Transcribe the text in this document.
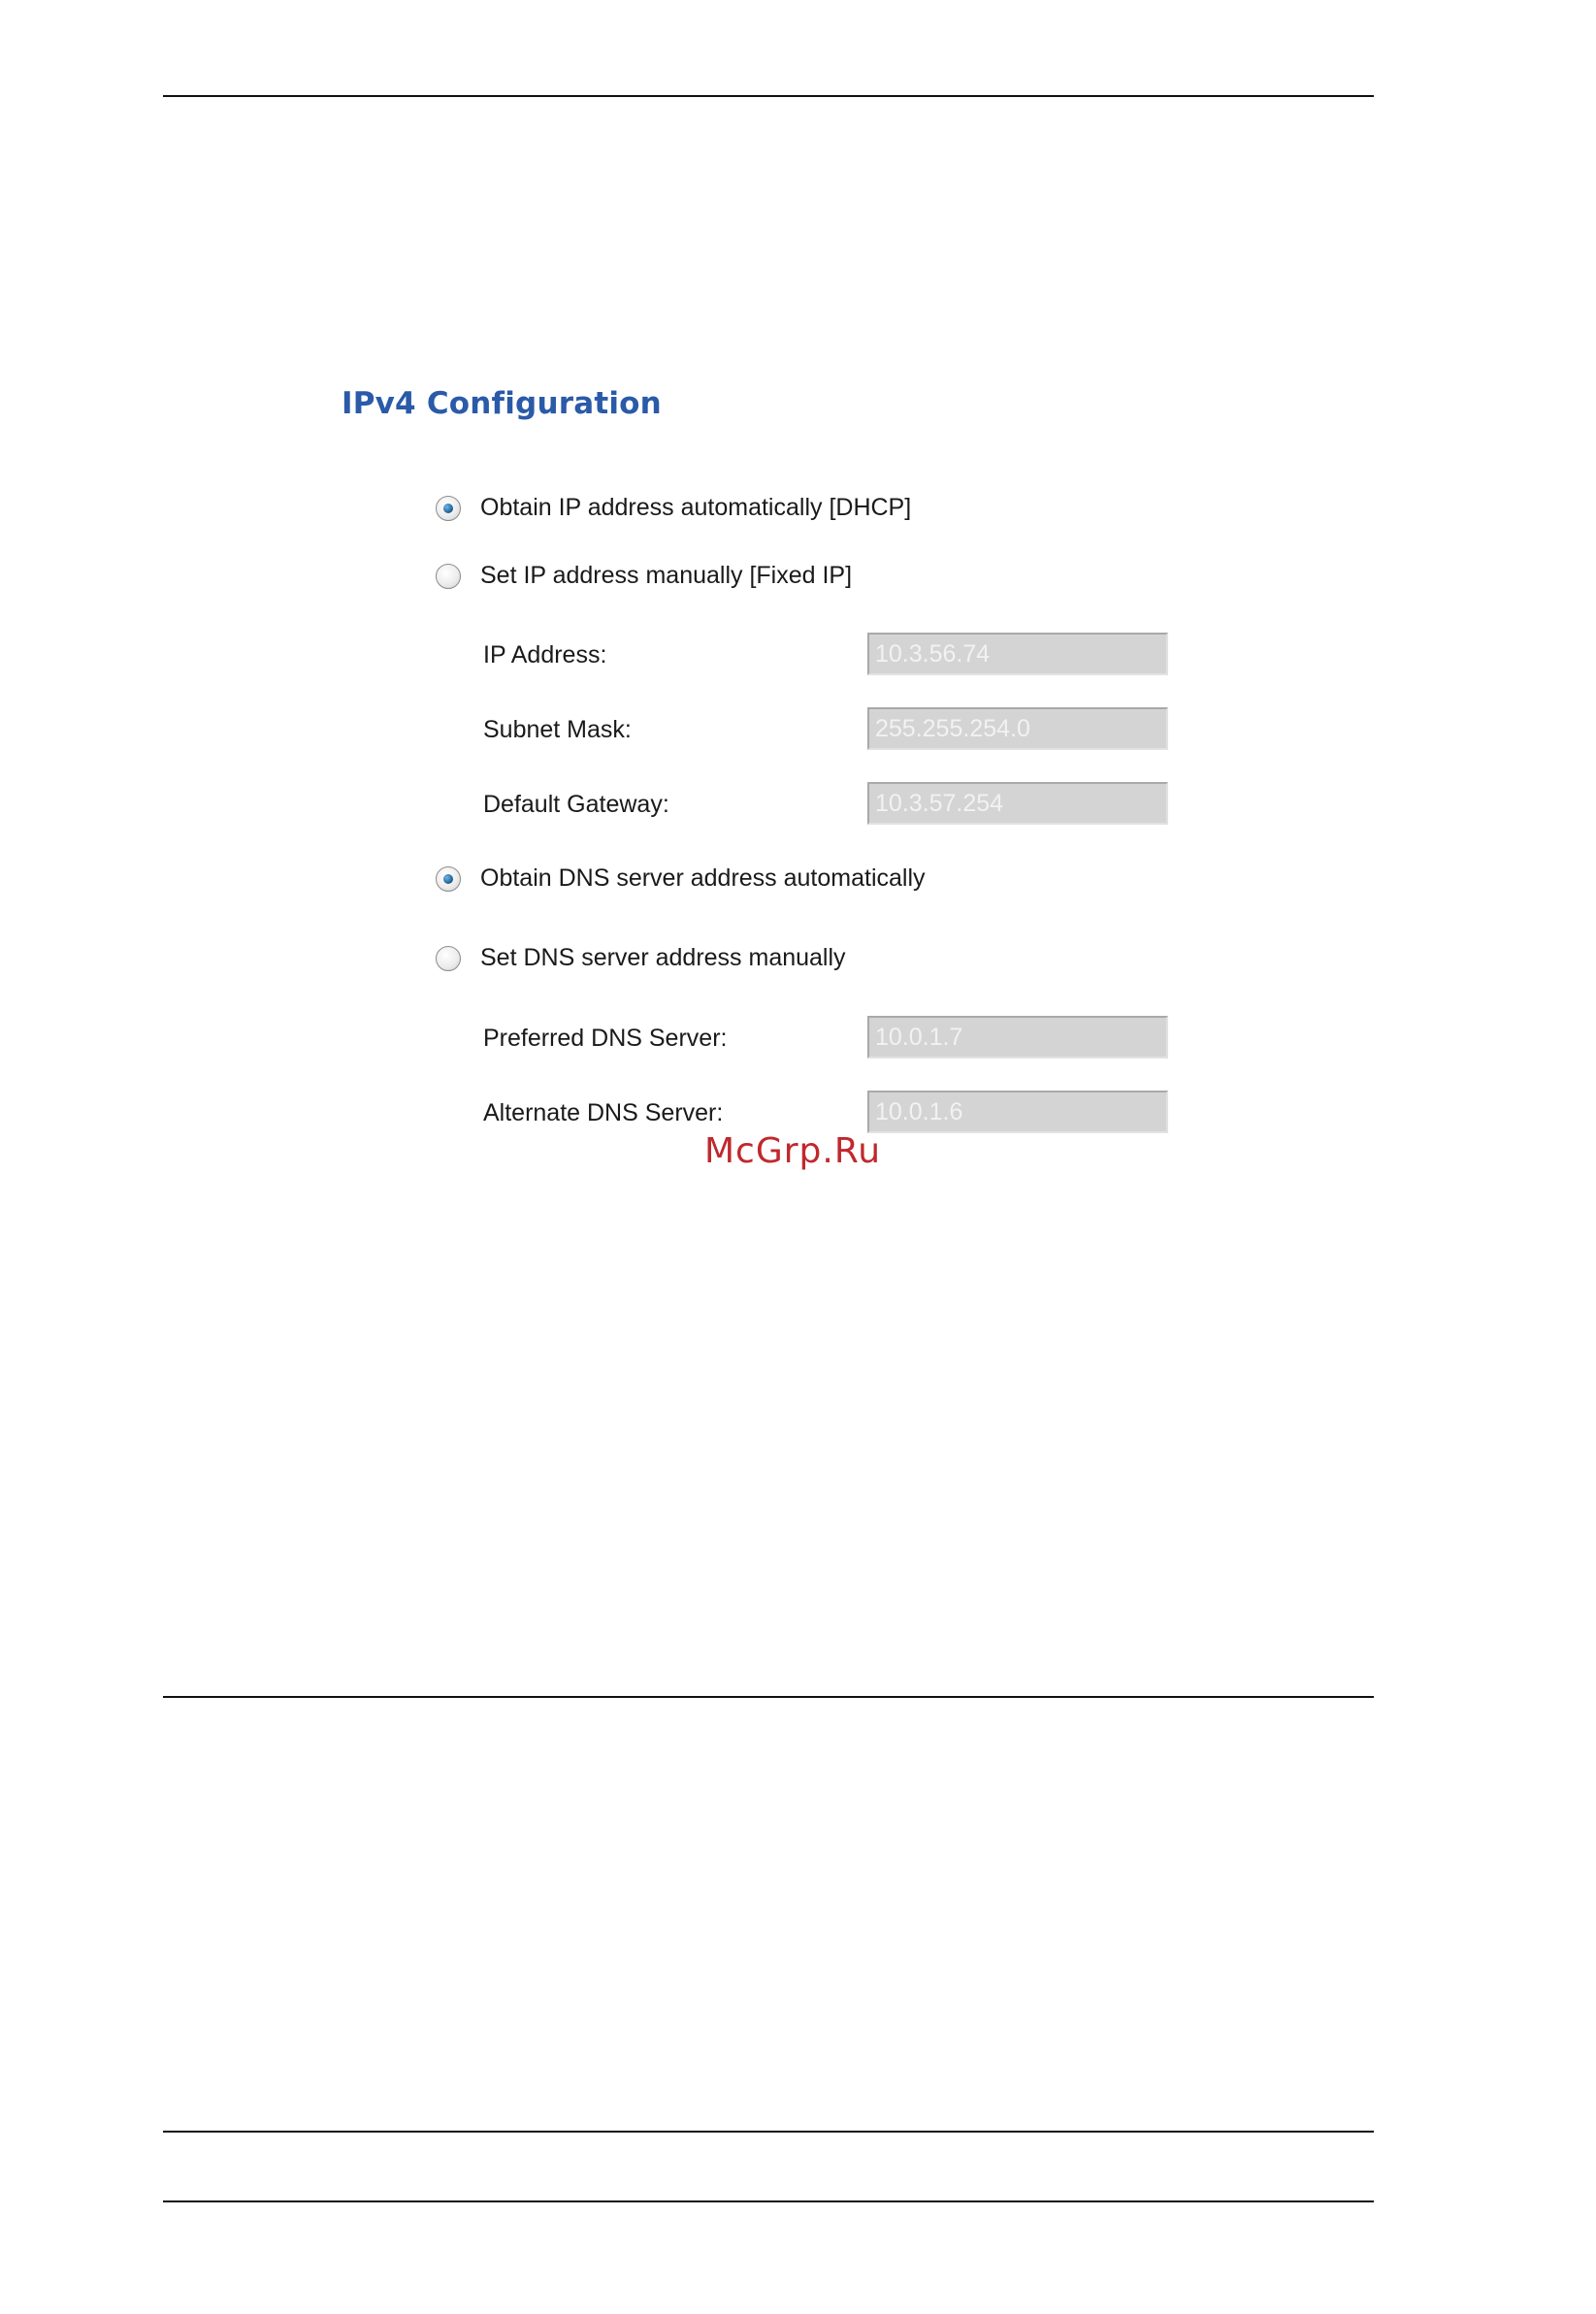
IPv4 Configuration
Obtain IP address automatically [DHCP]
Set IP address manually [Fixed IP]
IP Address:
10.3.56.74
Subnet Mask:
255.255.254.0
Default Gateway:
10.3.57.254
Obtain DNS server address automatically
Set DNS server address manually
Preferred DNS Server:
10.0.1.7
Alternate DNS Server:
10.0.1.6
McGrp.Ru
